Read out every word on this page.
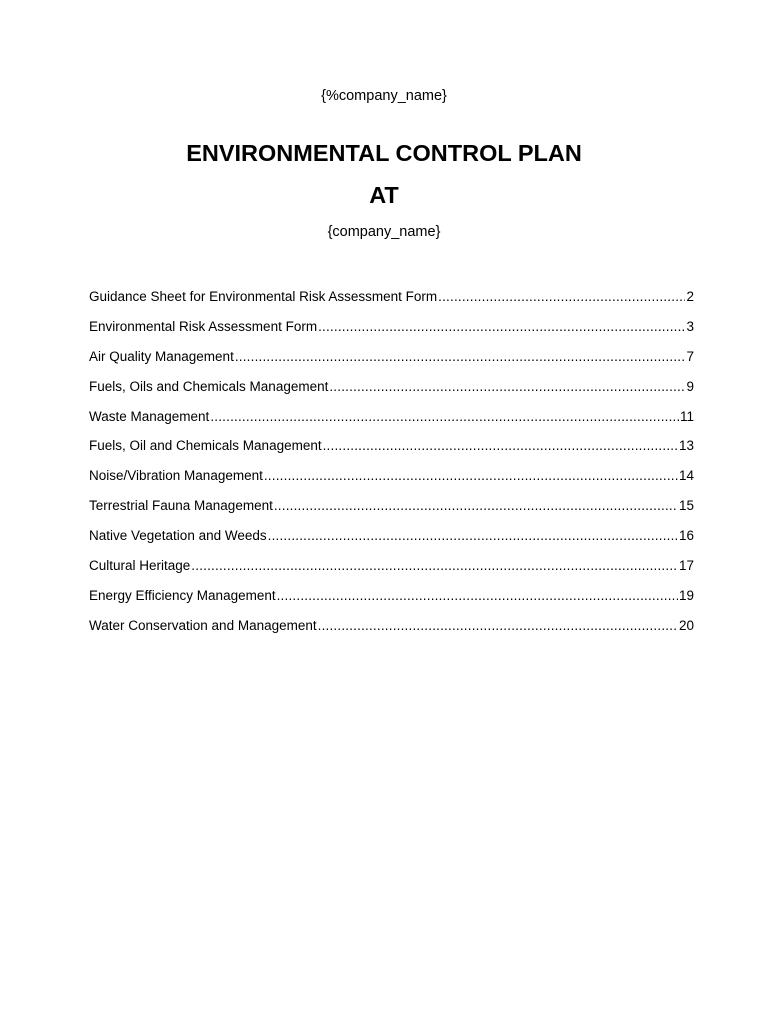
{%company_name}
ENVIRONMENTAL CONTROL PLAN
AT
{company_name}
Guidance Sheet for Environmental Risk Assessment Form .....	2
Environmental Risk Assessment Form .....	3
Air Quality Management .....	7
Fuels, Oils and Chemicals Management .....	9
Waste Management .....	11
Fuels, Oil and Chemicals Management .....	13
Noise/Vibration Management .....	14
Terrestrial Fauna Management .....	15
Native Vegetation and Weeds .....	16
Cultural Heritage .....	17
Energy Efficiency Management .....	19
Water Conservation and Management .....	20
